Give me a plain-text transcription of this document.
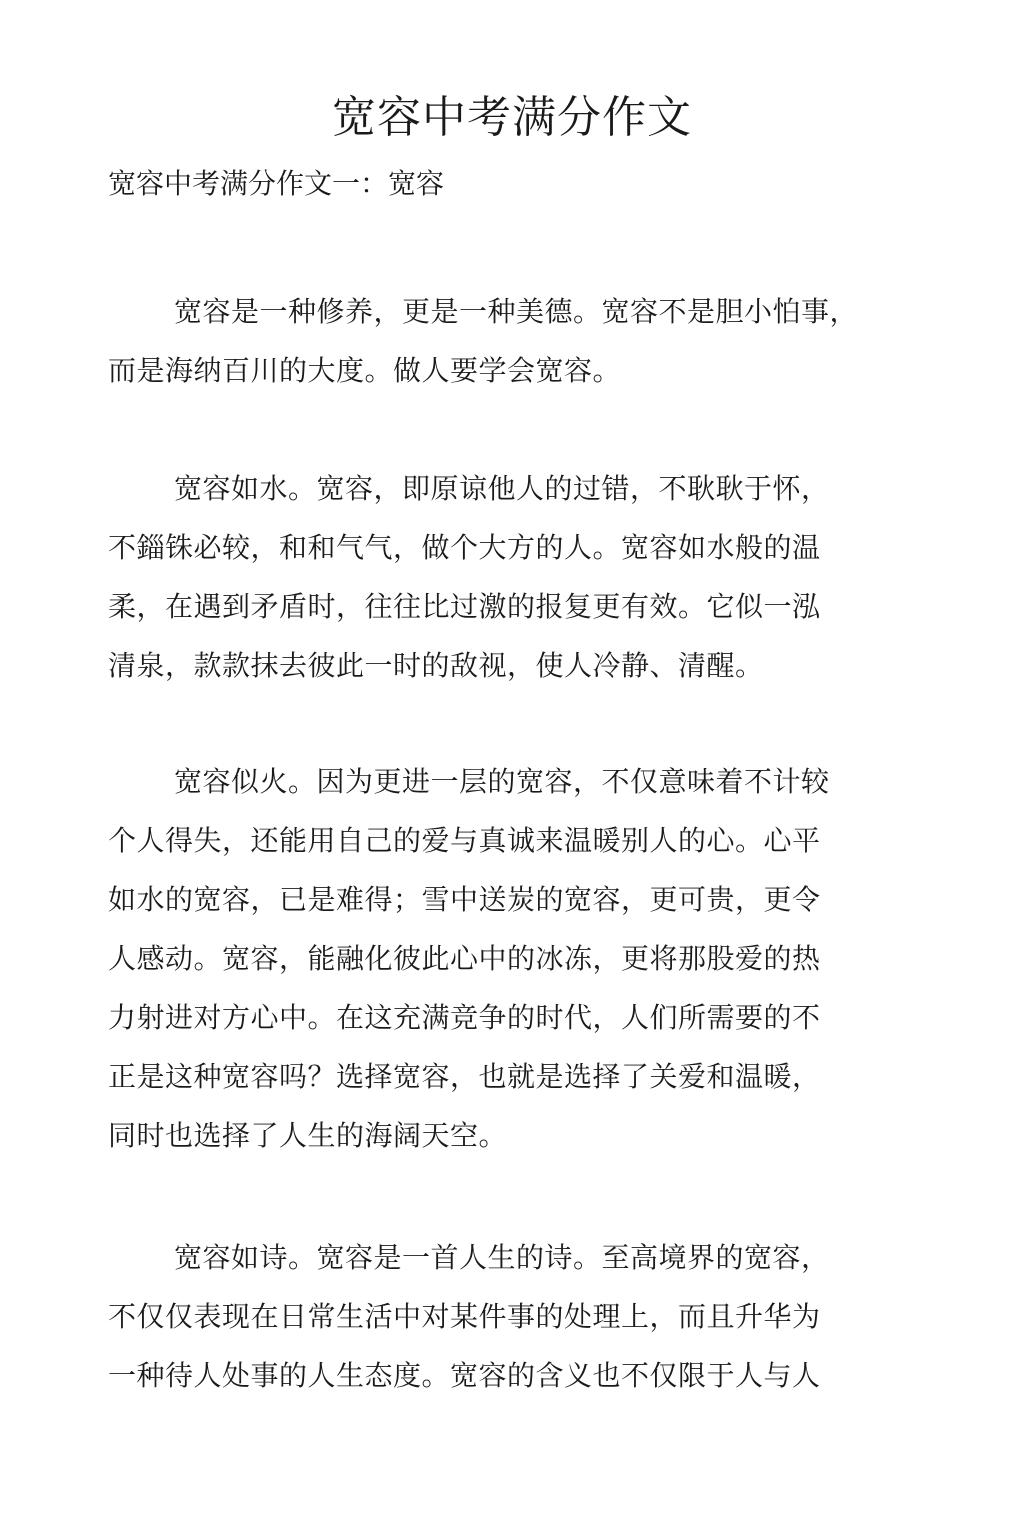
宽容中考满分作文

宽容中考满分作文一：宽容

宽容是一种修养，更是一种美德。宽容不是胆小怕事，
而是海纳百川的大度。做人要学会宽容。
宽容如水。宽容，即原谅他人的过错，不耿耿于怀，
不錙铢必较，和和气气，做个大方的人。宽容如水般的温
柔，在遇到矛盾时，往往比过激的报复更有效。它似一泓
清泉，款款抹去彼此一时的敌视，使人冷静、清醒。
宽容似火。因为更进一层的宽容，不仅意味着不计较
个人得失，还能用自己的爱与真诚来温暖别人的心。心平
如水的宽容，已是难得；雪中送炭的宽容，更可贵，更令
人感动。宽容，能融化彼此心中的冰冻，更将那股爱的热
力射进对方心中。在这充满竞争的时代，人们所需要的不
正是这种宽容吗？选择宽容，也就是选择了关爱和温暖，
同时也选择了人生的海阔天空。
宽容如诗。宽容是一首人生的诗。至高境界的宽容，
不仅仅表现在日常生活中对某件事的处理上，而且升华为
一种待人处事的人生态度。宽容的含义也不仅限于人与人
